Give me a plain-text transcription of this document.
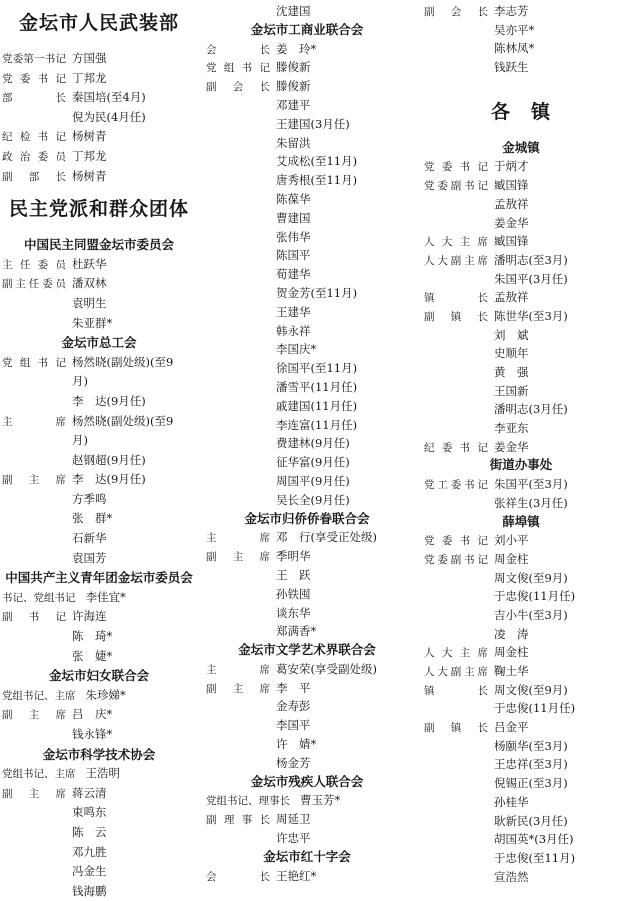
金坛市人民武装部
党委第一书记 方国强
党委书记 丁邦龙
部长 秦国培(至4月)
倪为民(4月任)
纪检书记 杨树青
政治委员 丁邦龙
副部长 杨树青
民主党派和群众团体
中国民主同盟金坛市委员会
主任委员 杜跃华
副主任委员 潘双林
袁明生
朱亚群*
金坛市总工会
党组书记 杨然晓(副处级)(至9
月)
李　达(9月任)
主席 杨然晓(副处级)(至9
月)
赵钢超(9月任)
副主席 李　达(9月任)
方季鸣
张　群*
石新华
袁国芳
中国共产主义青年团金坛市委员会
书记、党组书记 李佳宜*
副书记 许海连
陈　琦*
张　婕*
金坛市妇女联合会
党组书记、主席 朱珍娣*
副主席 吕　庆*
钱永锋*
金坛市科学技术协会
党组书记、主席 王浩明
副主席 蒋云清
束鸣东
陈　云
邓九胜
冯金生
钱海鹏
沈建国
金坛市工商业联合会
会长 姜　玲*
党组书记 滕俊新
副会长 滕俊新
邓建平
王建国(3月任)
朱留洪
艾成松(至11月)
唐秀根(至11月)
陈葆华
曹建国
张伟华
陈国平
荀建华
贺金芳(至11月)
王建华
韩永祥
李国庆*
徐国平(至11月)
潘雪平(11月任)
戚建国(11月任)
李连富(11月任)
费建林(9月任)
征华富(9月任)
周国平(9月任)
吴长全(9月任)
金坛市归侨侨眷联合会
主席 邓　行(享受正处级)
副主席 季明华
王　跃
孙铁囤
谈东华
郑满香*
金坛市文学艺术界联合会
主席 葛安荣(享受副处级)
副主席 李　平
金寿彭
李国平
许　婧*
杨金芳
金坛市残疾人联合会
党组书记、理事长 曹玉芳*
副理事长 周延卫
许忠平
金坛市红十字会
会长 王艳红*
副会长 李志芳
吴亦平*
陈林凤*
钱跃生
各　镇
金城镇
党委书记 于炳才
党委副书记 臧国锋
孟敖祥
姜金华
人大主席 臧国锋
人大副主席 潘明志(至3月)
朱国平(3月任)
镇长 孟敖祥
副镇长 陈世华(至3月)
刘　斌
史顺年
黄　强
王国新
潘明志(3月任)
李亚东
纪委书记 姜金华
街道办事处
党工委书记 朱国平(至3月)
张祥生(3月任)
薛埠镇
党委书记 刘小平
党委副书记 周金柱
周文俊(至9月)
于忠俊(11月任)
吉小牛(至3月)
凌　涛
人大主席 周金柱
人大副主席 鞠土华
镇长 周文俊(至9月)
于忠俊(11月任)
副镇长 吕金平
杨颐华(至3月)
王忠祥(至3月)
倪锡正(至3月)
孙桂华
耿新民(3月任)
胡国英*(3月任)
于忠俊(至11月)
宣浩然
